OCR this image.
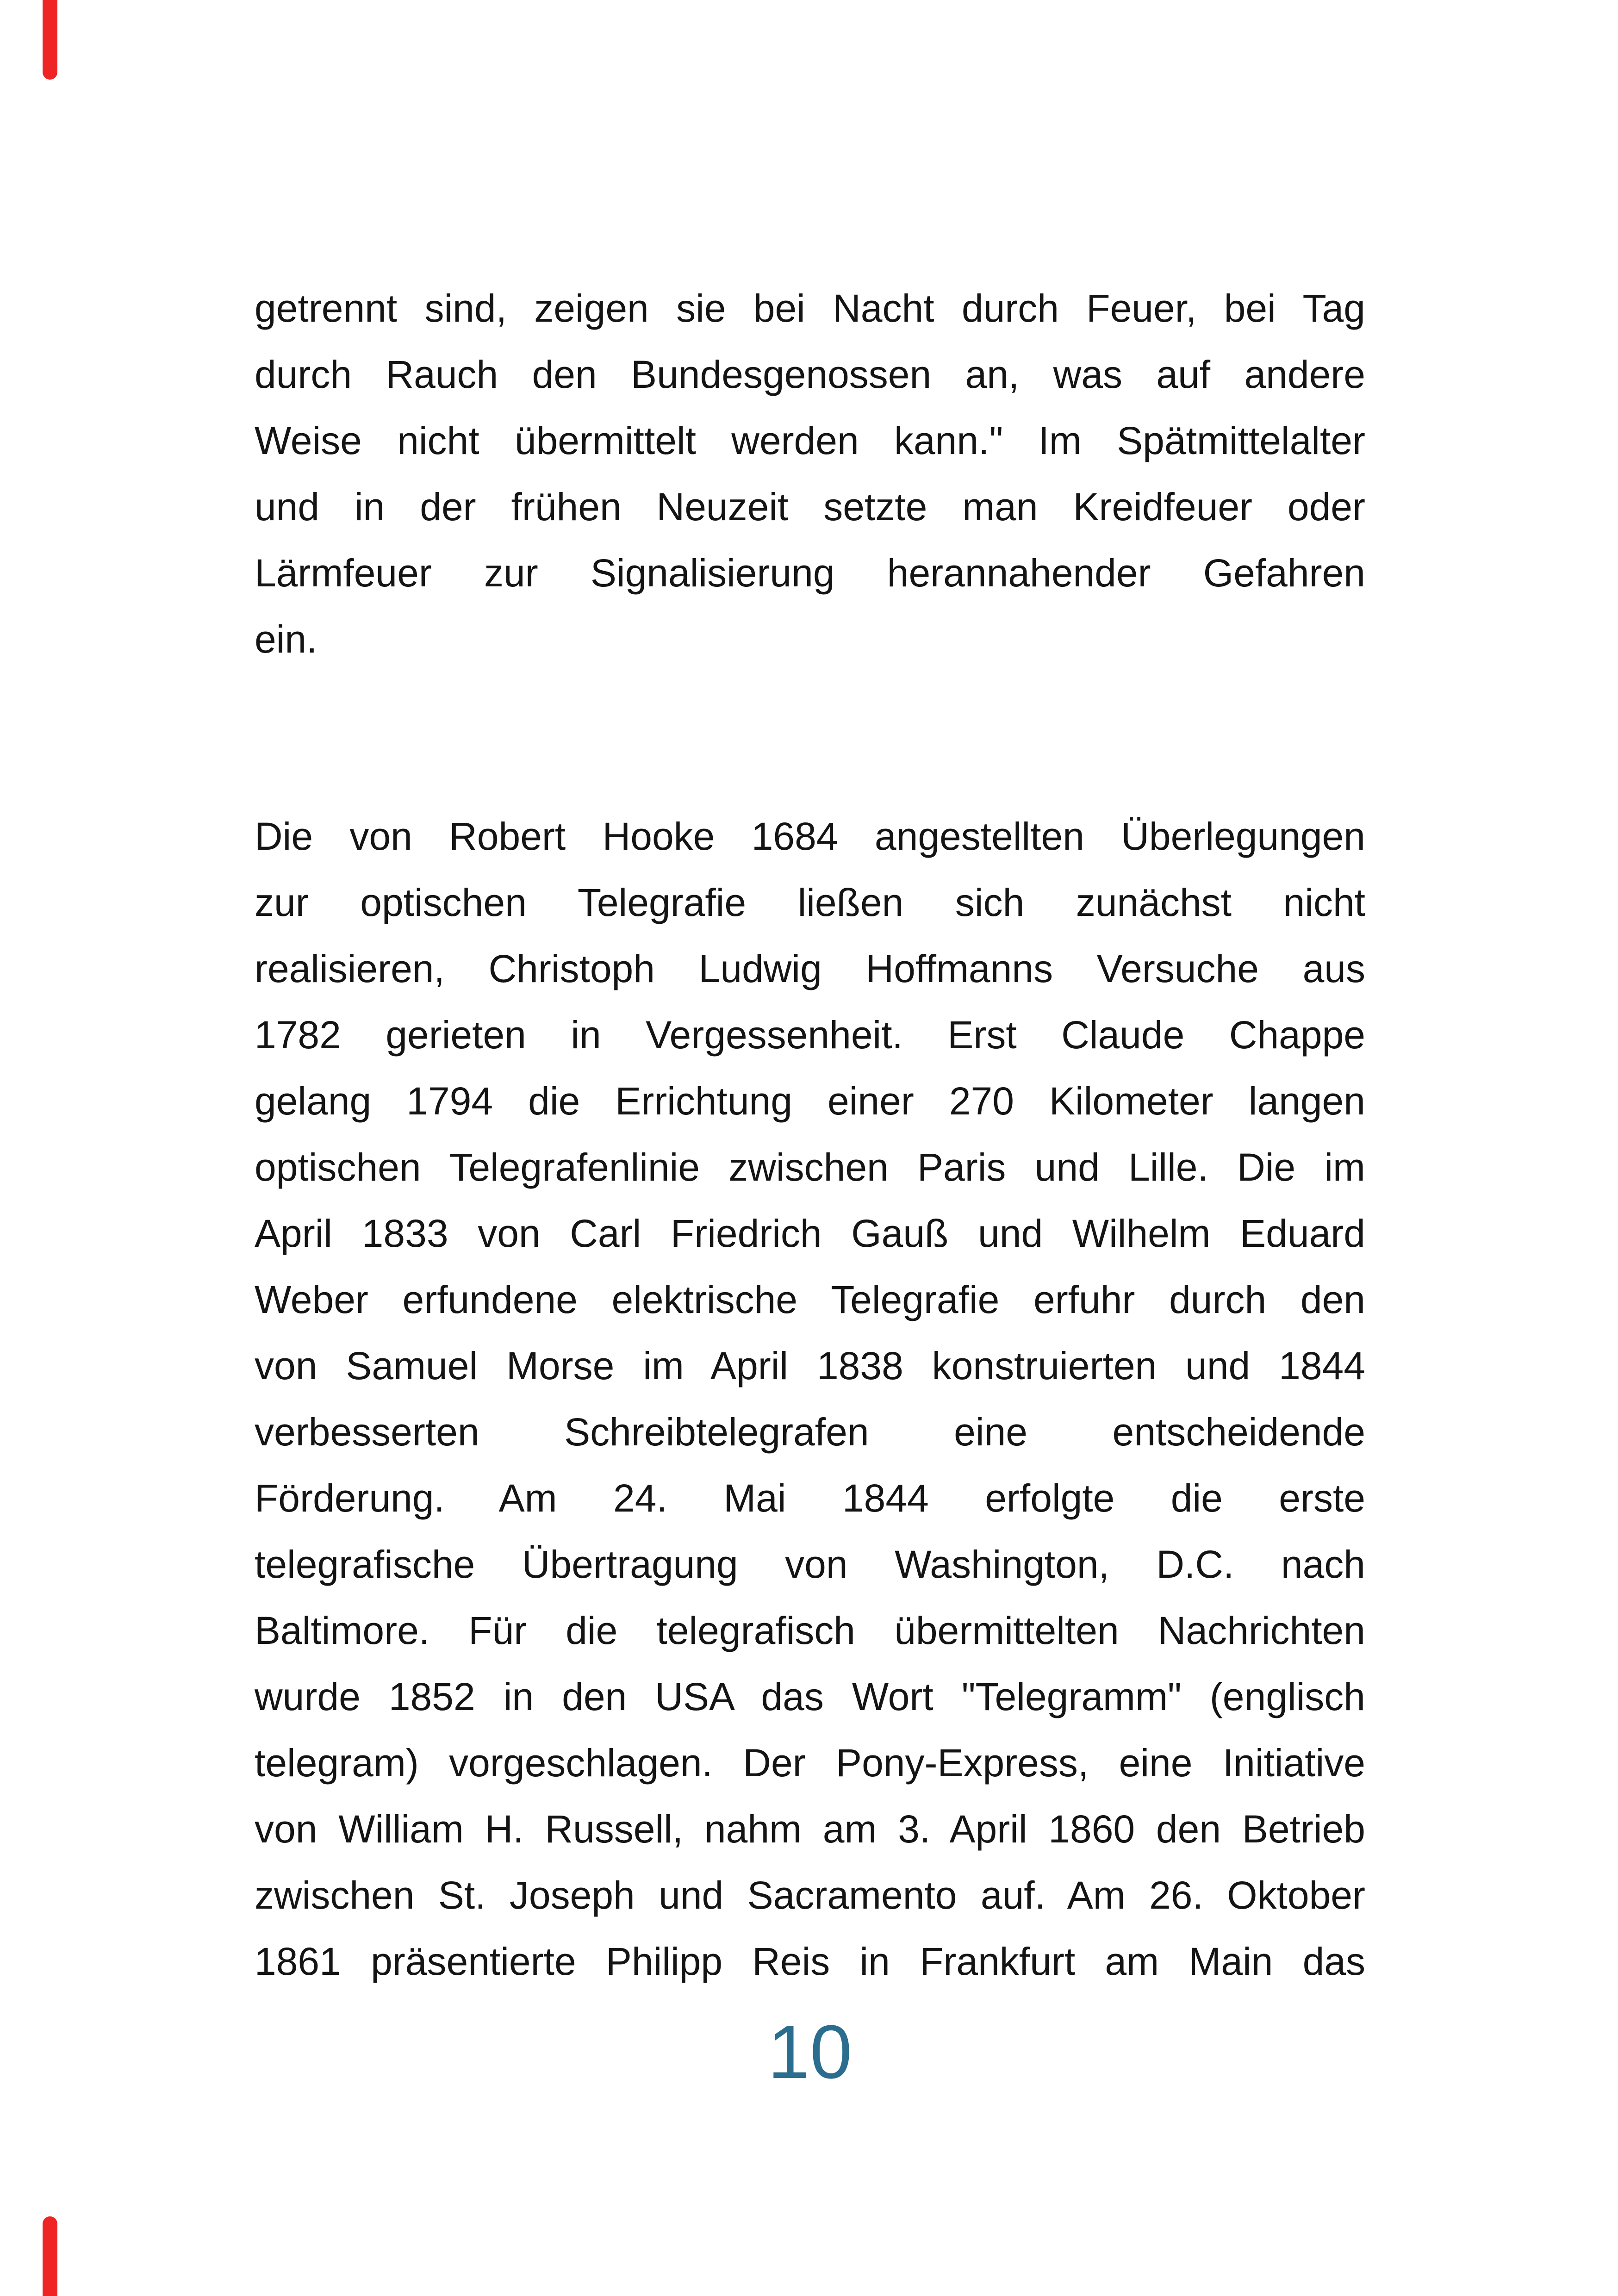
getrennt sind, zeigen sie bei Nacht durch Feuer, bei Tag
durch Rauch den Bundesgenossen an, was auf andere
Weise nicht übermittelt werden kann." Im Spätmittelalter
und in der frühen Neuzeit setzte man Kreidfeuer oder
Lärmfeuer zur Signalisierung herannahender Gefahren
ein.
Die von Robert Hooke 1684 angestellten Überlegungen
zur optischen Telegrafie ließen sich zunächst nicht
realisieren, Christoph Ludwig Hoffmanns Versuche aus
1782 gerieten in Vergessenheit. Erst Claude Chappe
gelang 1794 die Errichtung einer 270 Kilometer langen
optischen Telegrafenlinie zwischen Paris und Lille. Die im
April 1833 von Carl Friedrich Gauß und Wilhelm Eduard
Weber erfundene elektrische Telegrafie erfuhr durch den
von Samuel Morse im April 1838 konstruierten und 1844
verbesserten Schreibtelegrafen eine entscheidende
Förderung. Am 24. Mai 1844 erfolgte die erste
telegrafische Übertragung von Washington, D.C. nach
Baltimore. Für die telegrafisch übermittelten Nachrichten
wurde 1852 in den USA das Wort "Telegramm" (englisch
telegram) vorgeschlagen. Der Pony-Express, eine Initiative
von William H. Russell, nahm am 3. April 1860 den Betrieb
zwischen St. Joseph und Sacramento auf. Am 26. Oktober
1861 präsentierte Philipp Reis in Frankfurt am Main das
10
